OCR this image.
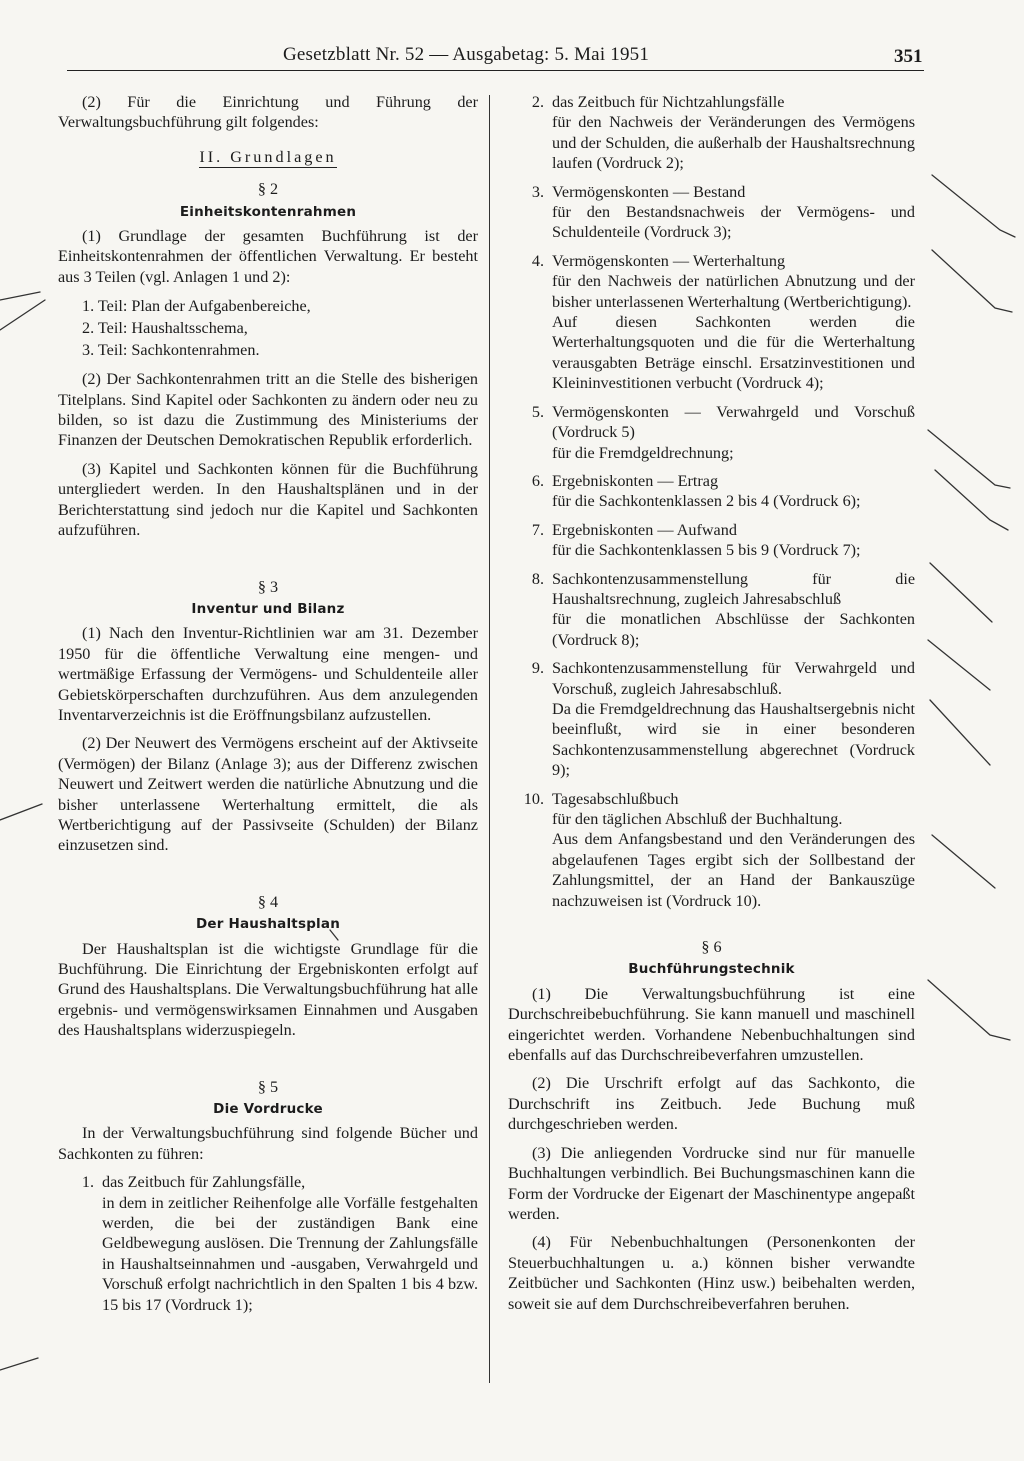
Gesetzblatt Nr. 52 — Ausgabetag: 5. Mai 1951	351

(2) Für die Einrichtung und Führung der Verwaltungsbuchführung gilt folgendes:

II. Grundlagen
§ 2
Einheitskontenrahmen

(1) Grundlage der gesamten Buchführung ist der Einheitskontenrahmen der öffentlichen Verwaltung. Er besteht aus 3 Teilen (vgl. Anlagen 1 und 2):

1. Teil: Plan der Aufgabenbereiche,
2. Teil: Haushaltsschema,
3. Teil: Sachkontenrahmen.

(2) Der Sachkontenrahmen tritt an die Stelle des bisherigen Titelplans. Sind Kapitel oder Sachkonten zu ändern oder neu zu bilden, so ist dazu die Zustimmung des Ministeriums der Finanzen der Deutschen Demokratischen Republik erforderlich.

(3) Kapitel und Sachkonten können für die Buchführung untergliedert werden. In den Haushaltsplänen und in der Berichterstattung sind jedoch nur die Kapitel und Sachkonten aufzuführen.

§ 3
Inventur und Bilanz

(1) Nach den Inventur-Richtlinien war am 31. Dezember 1950 für die öffentliche Verwaltung eine mengen- und wertmäßige Erfassung der Vermögens- und Schuldenteile aller Gebietskörperschaften durchzuführen. Aus dem anzulegenden Inventarverzeichnis ist die Eröffnungsbilanz aufzustellen.

(2) Der Neuwert des Vermögens erscheint auf der Aktivseite (Vermögen) der Bilanz (Anlage 3); aus der Differenz zwischen Neuwert und Zeitwert werden die natürliche Abnutzung und die bisher unterlassene Werterhaltung ermittelt, die als Wertberichtigung auf der Passivseite (Schulden) der Bilanz einzusetzen sind.

§ 4
Der Haushaltsplan

Der Haushaltsplan ist die wichtigste Grundlage für die Buchführung. Die Einrichtung der Ergebniskonten erfolgt auf Grund des Haushaltsplans. Die Verwaltungsbuchführung hat alle ergebnis- und vermögenswirksamen Einnahmen und Ausgaben des Haushaltsplans widerzuspiegeln.

§ 5
Die Vordrucke

In der Verwaltungsbuchführung sind folgende Bücher und Sachkonten zu führen:

1. das Zeitbuch für Zahlungsfälle,
in dem in zeitlicher Reihenfolge alle Vorfälle festgehalten werden, die bei der zuständigen Bank eine Geldbewegung auslösen. Die Trennung der Zahlungsfälle in Haushaltseinnahmen und -ausgaben, Verwahrgeld und Vorschuß erfolgt nachrichtlich in den Spalten 1 bis 4 bzw. 15 bis 17 (Vordruck 1);
2. das Zeitbuch für Nichtzahlungsfälle
für den Nachweis der Veränderungen des Vermögens und der Schulden, die außerhalb der Haushaltsrechnung laufen (Vordruck 2);
3. Vermögenskonten — Bestand
für den Bestandsnachweis der Vermögens- und Schuldenteile (Vordruck 3);
4. Vermögenskonten — Werterhaltung
für den Nachweis der natürlichen Abnutzung und der bisher unterlassenen Werterhaltung (Wertberichtigung).
Auf diesen Sachkonten werden die Werterhaltungsquoten und die für die Werterhaltung verausgabten Beträge einschl. Ersatzinvestitionen und Kleininvestitionen verbucht (Vordruck 4);
5. Vermögenskonten — Verwahrgeld und Vorschuß (Vordruck 5)
für die Fremdgeldrechnung;
6. Ergebniskonten — Ertrag
für die Sachkontenklassen 2 bis 4 (Vordruck 6);
7. Ergebniskonten — Aufwand
für die Sachkontenklassen 5 bis 9 (Vordruck 7);
8. Sachkontenzusammenstellung für die Haushaltsrechnung, zugleich Jahresabschluß
für die monatlichen Abschlüsse der Sachkonten (Vordruck 8);
9. Sachkontenzusammenstellung für Verwahrgeld und Vorschuß, zugleich Jahresabschluß.
Da die Fremdgeldrechnung das Haushaltsergebnis nicht beeinflußt, wird sie in einer besonderen Sachkontenzusammenstellung abgerechnet (Vordruck 9);
10. Tagesabschlußbuch
für den täglichen Abschluß der Buchhaltung.
Aus dem Anfangsbestand und den Veränderungen des abgelaufenen Tages ergibt sich der Sollbestand der Zahlungsmittel, der an Hand der Bankauszüge nachzuweisen ist (Vordruck 10).
§ 6
Buchführungstechnik

(1) Die Verwaltungsbuchführung ist eine Durchschreibebuchführung. Sie kann manuell und maschinell eingerichtet werden. Vorhandene Nebenbuchhaltungen sind ebenfalls auf das Durchschreibeverfahren umzustellen.

(2) Die Urschrift erfolgt auf das Sachkonto, die Durchschrift ins Zeitbuch. Jede Buchung muß durchgeschrieben werden.

(3) Die anliegenden Vordrucke sind nur für manuelle Buchhaltungen verbindlich. Bei Buchungsmaschinen kann die Form der Vordrucke der Eigenart der Maschinentype angepaßt werden.

(4) Für Nebenbuchhaltungen (Personenkonten der Steuerbuchhaltungen u. a.) können bisher verwandte Zeitbücher und Sachkonten (Hinz usw.) beibehalten werden, soweit sie auf dem Durchschreibeverfahren beruhen.
